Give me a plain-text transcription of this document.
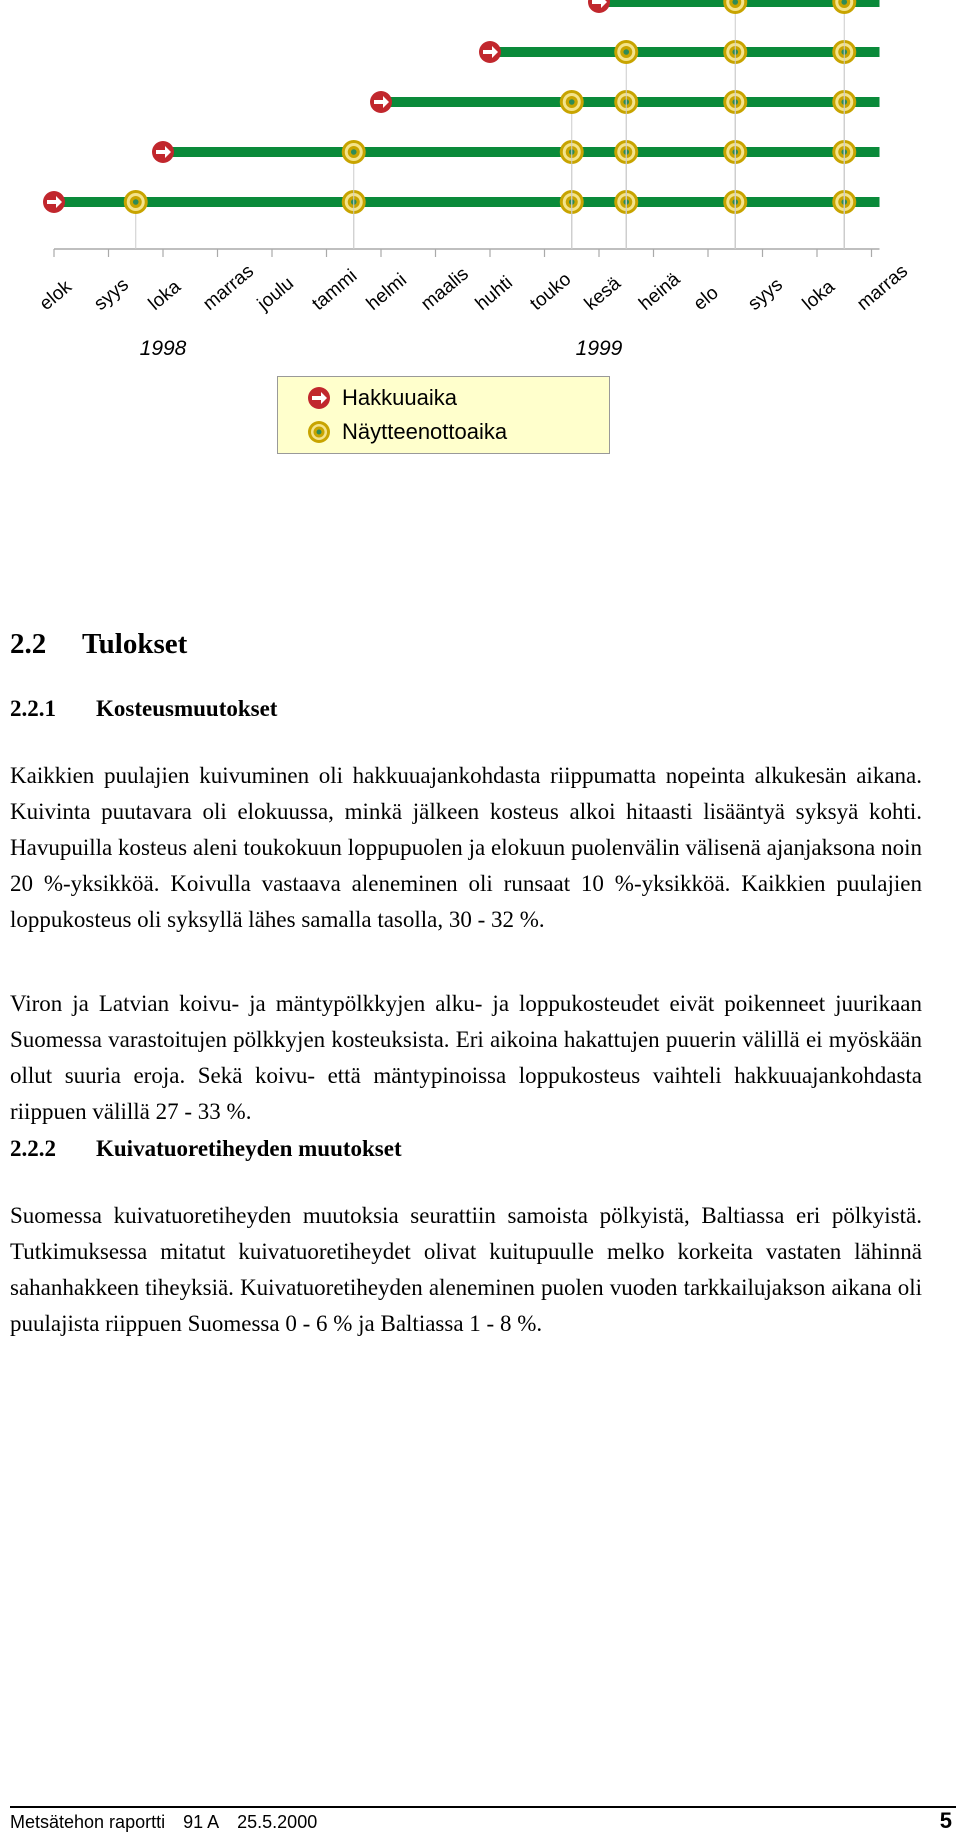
elok syys loka marras
joulu tammi helmi maalis
huhti touko kesä heinä elo syys loka marras
1998	1999
Hakkuuaika
Näytteenottoaika
2.2 Tulokset
2.2.1 Kosteusmuutokset

Kaikkien puulajien kuivuminen oli hakkuuajankohdasta riippumatta nopeinta alkukesän aikana. Kuivinta puutavara oli elokuussa, minkä jälkeen kosteus alkoi hitaasti lisääntyä syksyä kohti. Havupuilla kosteus aleni toukokuun loppupuolen ja elokuun puolenvälin välisenä ajanjaksona noin 20 %-yksikköä. Koivulla vastaava aleneminen oli runsaat 10 %-yksikköä. Kaikkien puulajien loppukosteus oli syksyllä lähes samalla tasolla, 30 - 32 %.

Viron ja Latvian koivu- ja mäntypölkkyjen alku- ja loppukosteudet eivät poikenneet juurikaan Suomessa varastoitujen pölkkyjen kosteuksista. Eri aikoina hakattujen puuerin välillä ei myöskään ollut suuria eroja. Sekä koivu- että mäntypinoissa loppukosteus vaihteli hakkuuajankohdasta riippuen välillä 27 - 33 %.

2.2.2 Kuivatuoretiheyden muutokset

Suomessa kuivatuoretiheyden muutoksia seurattiin samoista pölkyistä, Baltiassa eri pölkyistä. Tutkimuksessa mitatut kuivatuoretiheydet olivat kuitupuulle melko korkeita vastaten lähinnä sahanhakkeen tiheyksiä. Kuivatuoretiheyden aleneminen puolen vuoden tarkkailujakson aikana oli puulajista riippuen Suomessa 0 - 6 % ja Baltiassa 1 - 8 %.

Metsätehon raportti 91 A 25.5.2000	5
